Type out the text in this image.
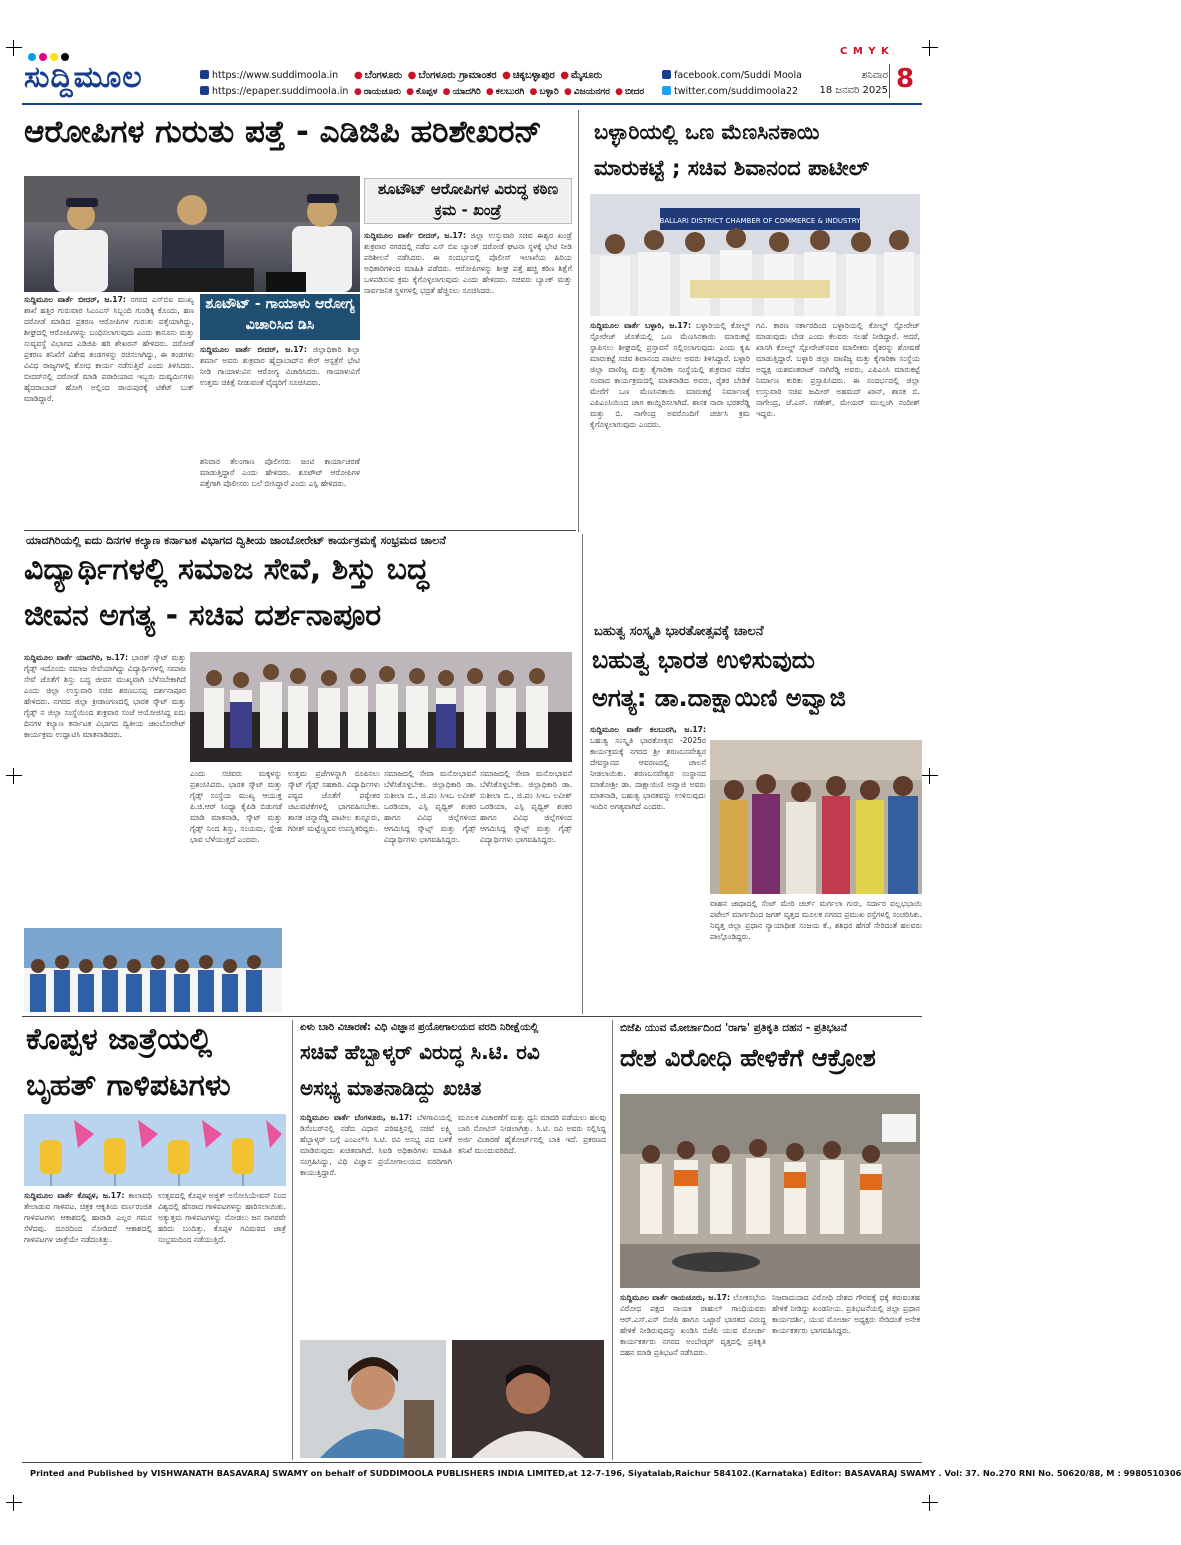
C M Y K
ಸುದ್ದಿಮೂಲ	https://www.suddimoola.in
https://epaper.suddimoola.in
● ಬೆಂಗಳೂರು ● ಬೆಂಗಳೂರು ಗ್ರಾಮಾಂತರ ● ಚಿಕ್ಕಬಳ್ಳಾಪುರ ● ಮೈಸೂರು
● ರಾಯಚೂರು ● ಕೊಪ್ಪಳ ● ಯಾದಗಿರಿ ● ಕಲಬುರಗಿ ● ಬಳ್ಳಾರಿ ● ವಿಜಯನಗರ ● ಬೀದರ
facebook.com/Suddi Moola
twitter.com/suddimoola22
ಶನಿವಾರ
18 ಜನವರಿ 2025 8
ಆರೋಪಿಗಳ ಗುರುತು ಪತ್ತೆ - ಎಡಿಜಿಪಿ ಹರಿಶೇಖರನ್
ಶೂಟೌಟ್ ಆರೋಪಿಗಳ ವಿರುದ್ಧ ಕಠಿಣ ಕ್ರಮ - ಖಂಡ್ರೆ
ಶೂಟೌಟ್ - ಗಾಯಾಳು ಆರೋಗ್ಯ ವಿಚಾರಿಸಿದ ಡಿಸಿ

ಸುದ್ದಿಮೂಲ ವಾರ್ತೆ ಬೀದರ್, ಜ.17: ನಗರದ ಎಸ್‌ಬಿಐ ಮುಖ್ಯ ಶಾಖೆ ಹತ್ತಿರ ಗುರುವಾರ ಸಿಎಂಎಸ್ ಸಿಬ್ಬಂದಿ ಗುಂಡಿಕ್ಕಿ ಕೊಂದು, ಹಣ ದರೋಡೆ ಮಾಡಿದ ಪ್ರಕರಣ ಆರೋಪಿಗಳ ಗುರುತು ಪತ್ತೆಯಾಗಿದ್ದು, ಶೀಘ್ರದಲ್ಲಿ ಆರೋಪಿಗಳನ್ನು ಬಂಧಿಸಲಾಗುವುದು ಎಂದು ಕಾನೂನು ಮತ್ತು ಸುವ್ಯವಸ್ಥೆ ವಿಭಾಗದ ಎಡಿಜಿಪಿ ಹರಿ ಶೇಖರನ್ ಹೇಳಿದರು. ದರೋಡೆ ಪ್ರಕರಣ ತನಿಖೆಗೆ ವಿಶೇಷ ತಂಡಗಳನ್ನು ರಚಿಸಲಾಗಿದ್ದು, ಈ ತಂಡಗಳು ವಿವಿಧ ರಾಜ್ಯಗಳಲ್ಲಿ ಶೋಧ ಕಾರ್ಯ ನಡೆಸುತ್ತಿವೆ ಎಂದು ತಿಳಿಸಿದರು. ಬೀದರ್‌ನಲ್ಲಿ ದರೋಡೆ ಮಾಡಿ ಪರಾರಿಯಾದ ಇಬ್ಬರು ದುಷ್ಕರ್ಮಿಗಳು ಹೈದರಾಬಾದ್ ಹೋಗಿ ಅಲ್ಲಿಂದ ರಾಯಪುರಕ್ಕೆ ಟಿಕೆಟ್ ಬುಕ್ ಮಾಡಿದ್ದಾರೆ.

ಸುದ್ದಿಮೂಲ ವಾರ್ತೆ ಬೀದರ್, ಜ.17: ಜಿಲ್ಲಾಧಿಕಾರಿ ಶಿಲ್ಪಾ ಶರ್ಮಾ ಅವರು ಶುಕ್ರವಾರ ಹೈದ್ರಾಬಾದ್‌ನ ಕೇರ್ ಆಸ್ಪತ್ರೆಗೆ ಭೇಟಿ ನೀಡಿ ಗಾಯಾಳುವಿನ ಆರೋಗ್ಯ ವಿಚಾರಿಸಿದರು. ಗಾಯಾಳುವಿಗೆ ಉತ್ತಮ ಚಿಕಿತ್ಸೆ ನೀಡುವಂತೆ ವೈದ್ಯರಿಗೆ ಸೂಚಿಸಿದರು.

ಶನಿವಾರ ತೆಲಂಗಾಣ ಪೊಲೀಸರು ಜಂಟಿ ಕಾರ್ಯಾಚರಣೆ ಮಾಡುತ್ತಿದ್ದಾರೆ ಎಂದು ಹೇಳಿದರು. ಶೂಟೌಟ್ ಆರೋಪಿಗಳ ಪತ್ತೆಗಾಗಿ ಪೊಲೀಸರು ಬಲೆ ಬೀಸಿದ್ದಾರೆ ಎಂದು ಎಸ್ಪಿ ಹೇಳಿದರು.

ಸುದ್ದಿಮೂಲ ವಾರ್ತೆ ಬೀದರ್, ಜ.17: ಜಿಲ್ಲಾ ಉಸ್ತುವಾರಿ ಸಚಿವ ಈಶ್ವರ ಖಂಡ್ರೆ ಶುಕ್ರವಾರ ನಗರದಲ್ಲಿ ನಡೆದ ಎಸ್ ಬಿಐ ಬ್ಯಾಂಕ್ ದರೋಡೆ ಘಟನಾ ಸ್ಥಳಕ್ಕೆ ಭೇಟಿ ನೀಡಿ ಪರಿಶೀಲನೆ ನಡೆಸಿದರು. ಈ ಸಂದರ್ಭದಲ್ಲಿ ಪೊಲೀಸ್ ಇಲಾಖೆಯ ಹಿರಿಯ ಅಧಿಕಾರಿಗಳಿಂದ ಮಾಹಿತಿ ಪಡೆದರು. ಆರೋಪಿಗಳನ್ನು ಶೀಘ್ರ ಪತ್ತೆ ಹಚ್ಚಿ ಕಠಿಣ ಶಿಕ್ಷೆಗೆ ಒಳಪಡಿಸುವ ಕ್ರಮ ಕೈಗೊಳ್ಳಲಾಗುವುದು ಎಂದು ಹೇಳಿದರು. ಸಚಿವರು ಬ್ಯಾಂಕ್ ಮತ್ತು ಸಾರ್ವಜನಿಕ ಸ್ಥಳಗಳಲ್ಲಿ ಭದ್ರತೆ ಹೆಚ್ಚಿಸಲು ಸೂಚಿಸಿದರು.

ಬಳ್ಳಾರಿಯಲ್ಲಿ ಒಣ ಮೆಣಸಿನಕಾಯಿ
ಮಾರುಕಟ್ಟೆ ; ಸಚಿವ ಶಿವಾನಂದ ಪಾಟೀಲ್
BALLARI DISTRICT CHAMBER OF COMMERCE & INDUSTRY

ಸುದ್ದಿಮೂಲ ವಾರ್ತೆ ಬಳ್ಳಾರಿ, ಜ.17: ಬಳ್ಳಾರಿಯಲ್ಲಿ ಕೋಲ್ಡ್ ಸ್ಟೋರೇಜ್ ಜೊತೆಯಲ್ಲಿ ಒಣ ಮೆಣಸಿನಕಾಯಿ ಮಾರುಕಟ್ಟೆ ಸ್ಥಾಪಿಸಲು ಶೀಘ್ರದಲ್ಲಿ ಪ್ರಸ್ತಾವನೆ ಸಲ್ಲಿಸಲಾಗುವುದು ಎಂದು ಕೃಷಿ ಮಾರುಕಟ್ಟೆ ಸಚಿವ ಶಿವಾನಂದ ಪಾಟೀಲ ಅವರು ತಿಳಿಸಿದ್ದಾರೆ. ಬಳ್ಳಾರಿ ಜಿಲ್ಲಾ ವಾಣಿಜ್ಯ ಮತ್ತು ಕೈಗಾರಿಕಾ ಸಂಸ್ಥೆಯಲ್ಲಿ ಶುಕ್ರವಾರ ನಡೆದ ಸಂವಾದ ಕಾರ್ಯಕ್ರಮದಲ್ಲಿ ಮಾತನಾಡಿದ ಅವರು, ರೈತರ ಬೇಡಿಕೆ ಮೇರೆಗೆ ಒಣ ಮೆಣಸಿನಕಾಯಿ ಮಾರುಕಟ್ಟೆ ನಿರ್ಮಾಣಕ್ಕೆ ಎಪಿಎಂಸಿಯಿಂದ ಜಾಗ ಕಾಯ್ದಿರಿಸಲಾಗಿದೆ. ಶಾಸಕ ನಾರಾ ಭರತರೆಡ್ಡಿ ಮತ್ತು ಬಿ. ನಾಗೇಂದ್ರ ಅವರೊಂದಿಗೆ ಚರ್ಚಿಸಿ ಕ್ರಮ ಕೈಗೊಳ್ಳಲಾಗುವುದು ಎಂದರು.

ಗವಿ. ಕಾರಣ ಸರ್ಕಾರದಿಂದ ಬಳ್ಳಾರಿಯಲ್ಲಿ ಕೋಲ್ಡ್ ಸ್ಟೋರೇಜ್ ಮಾಡುವುದು ಬೇಡ ಎಂದು ಕೆಲವರು ಸಲಹೆ ನೀಡಿದ್ದಾರೆ. ಆದರೆ, ಖಾಸಗಿ ಕೋಲ್ಡ್ ಸ್ಟೋರೇಜ್‌ನವರ ಮಾಲೀಕರು ರೈತರನ್ನು ಶೋಷಣೆ ಮಾಡುತ್ತಿದ್ದಾರೆ. ಬಳ್ಳಾರಿ ಜಿಲ್ಲಾ ವಾಣಿಜ್ಯ ಮತ್ತು ಕೈಗಾರಿಕಾ ಸಂಸ್ಥೆಯ ಅಧ್ಯಕ್ಷ ಯಶವಂತರಾಜ್ ನಾಗಿರೆಡ್ಡಿ ಅವರು, ಎಪಿಎಂಸಿ ಮಾರುಕಟ್ಟೆ ನಿರ್ಮಾಣ ಕುರಿತು ಪ್ರಸ್ತಾಪಿಸಿದರು. ಈ ಸಂದರ್ಭದಲ್ಲಿ ಜಿಲ್ಲಾ ಉಸ್ತುವಾರಿ ಸಚಿವ ಜಮೀರ್ ಅಹಮದ್ ಖಾನ್, ಶಾಸಕ ಬಿ. ನಾಗೇಂದ್ರ, ಜೆ.ಎನ್. ಗಣೇಶ್, ಮೇಯರ್ ಮುಲ್ಲಂಗಿ ನಂದೀಶ್ ಇದ್ದರು.

ಯಾದಗಿರಿಯಲ್ಲಿ ಐದು ದಿನಗಳ ಕಲ್ಯಾಣ ಕರ್ನಾಟಕ ವಿಭಾಗದ ದ್ವಿತೀಯ ಜಾಂಬೋರೇಟ್ ಕಾರ್ಯಕ್ರಮಕ್ಕೆ ಸಂಭ್ರಮದ ಚಾಲನೆ
ವಿದ್ಯಾರ್ಥಿಗಳಲ್ಲಿ ಸಮಾಜ ಸೇವೆ, ಶಿಸ್ತು ಬದ್ಧ
ಜೀವನ ಅಗತ್ಯ - ಸಚಿವ ದರ್ಶನಾಪೂರ

ಸುದ್ದಿಮೂಲ ವಾರ್ತೆ ಯಾದಗಿರಿ, ಜ.17: ಭಾರತ್ ಸ್ಕೌಟ್ ಮತ್ತು ಗೈಡ್ಸ್ ಇದೊಂದು ಸಮಾಜ ಸೇವೆಯಾಗಿದ್ದು ವಿದ್ಯಾರ್ಥಿಗಳಲ್ಲಿ ಸಮಾಜ ಸೇವೆ ಜೊತೆಗೆ ಶಿಸ್ತು ಬದ್ಧ ಜೀವನ ಮುಖ್ಯವಾಗಿ ಬೆಳೆಸಬೇಕಾಗಿದೆ ಎಂದು ಜಿಲ್ಲಾ ಉಸ್ತುವಾರಿ ಸಚಿವ ಶರಣಬಸಪ್ಪ ದರ್ಶನಾಪೂರ ಹೇಳಿದರು. ನಗರದ ಜಿಲ್ಲಾ ಕ್ರೀಡಾಂಗಣದಲ್ಲಿ ಭಾರತ ಸ್ಕೌಟ್ ಮತ್ತು ಗೈಡ್ಸ್ ನ ಜಿಲ್ಲಾ ಸಂಸ್ಥೆಯಿಂದ ಶುಕ್ರವಾರ ಸಂಜೆ ಆಯೋಜಿಸಿದ್ದ ಐದು ದಿನಗಳ ಕಲ್ಯಾಣ ಕರ್ನಾಟಕ ವಿಭಾಗದ ದ್ವಿತೀಯ ಜಾಂಬೋರೇಟ್ ಕಾರ್ಯಕ್ರಮ ಉದ್ಘಾಟಿಸಿ ಮಾತನಾಡಿದರು.

ಎಂದು ಸಚಿವರು ಮಕ್ಕಳನ್ನು ಪ್ರಶಂಸಿಸಿದರು. ಭಾರತ ಸ್ಕೌಟ್ ಮತ್ತು ಗೈಡ್ಸ್ ಸಂಸ್ಥೆಯ ಮುಖ್ಯ ಆಯುಕ್ತ ಪಿ.ಜಿ.ಆರ್ ಸಿಂಧ್ಯಾ ಕೈಪಿಡಿ ಬಿಡುಗಡೆ ಮಾಡಿ ಮಾತನಾಡಿ, ಸ್ಕೌಟ್ ಮತ್ತು ಗೈಡ್ಸ್ ನಿಂದ ಶಿಸ್ತು, ಸಂಯಮ, ಸ್ನೇಹ ಭಾವ ಬೆಳೆಯುತ್ತದೆ ಎಂದರು.

ಉತ್ತಮ ಪ್ರಜೆಗಳನ್ನಾಗಿ ರೂಪಿಸಲು ಸ್ಕೌಟ್ ಗೈಡ್ಸ್ ಸಹಕಾರಿ. ವಿದ್ಯಾರ್ಥಿಗಳು ಪಠ್ಯದ ಜೊತೆಗೆ ಪಠ್ಯೇತರ ಚಟುವಟಿಕೆಗಳಲ್ಲಿ ಭಾಗವಹಿಸಬೇಕು. ಶಾಸಕ ಚನ್ನಾರೆಡ್ಡಿ ಪಾಟೀಲ ತುನ್ನೂರು, ಗಿರೀಶ್ ಮಟ್ಟೆಣ್ಣವರ ಉಪಸ್ಥಿತರಿದ್ದರು.

ಸಮಾಜದಲ್ಲಿ ಸೇವಾ ಮನೋಭಾವನೆ ಬೆಳೆಸಿಕೊಳ್ಳಬೇಕು. ಜಿಲ್ಲಾಧಿಕಾರಿ ಡಾ. ಸುಶೀಲಾ ಬಿ., ಜಿ.ಪಂ ಸಿಇಒ ಲವೀಶ್ ಒರಡಿಯಾ, ಎಸ್ಪಿ ಪೃಥ್ವಿಕ್ ಶಂಕರ ಹಾಗೂ ವಿವಿಧ ಜಿಲ್ಲೆಗಳಿಂದ ಆಗಮಿಸಿದ್ದ ಸ್ಕೌಟ್ಸ್ ಮತ್ತು ಗೈಡ್ಸ್ ವಿದ್ಯಾರ್ಥಿಗಳು ಭಾಗವಹಿಸಿದ್ದರು.

ಸಮಾಜದಲ್ಲಿ ಸೇವಾ ಮನೋಭಾವನೆ ಬೆಳೆಸಿಕೊಳ್ಳಬೇಕು. ಜಿಲ್ಲಾಧಿಕಾರಿ ಡಾ. ಸುಶೀಲಾ ಬಿ., ಜಿ.ಪಂ ಸಿಇಒ ಲವೀಶ್ ಒರಡಿಯಾ, ಎಸ್ಪಿ ಪೃಥ್ವಿಕ್ ಶಂಕರ ಹಾಗೂ ವಿವಿಧ ಜಿಲ್ಲೆಗಳಿಂದ ಆಗಮಿಸಿದ್ದ ಸ್ಕೌಟ್ಸ್ ಮತ್ತು ಗೈಡ್ಸ್ ವಿದ್ಯಾರ್ಥಿಗಳು ಭಾಗವಹಿಸಿದ್ದರು.

ಬಹುತ್ವ ಸಂಸ್ಕೃತಿ ಭಾರತೋತ್ಸವಕ್ಕೆ ಚಾಲನೆ
ಬಹುತ್ವ ಭಾರತ ಉಳಿಸುವುದು
ಅಗತ್ಯ: ಡಾ.ದಾಕ್ಷಾಯಿಣಿ ಅವ್ವಾಜಿ

ಸುದ್ದಿಮೂಲ ವಾರ್ತೆ ಕಲಬುರಗಿ, ಜ.17: ಬಹುತ್ವ ಸಂಸ್ಕೃತಿ ಭಾರತೋತ್ಸವ -2025ರ ಕಾರ್ಯಕ್ರಮಕ್ಕೆ ನಗರದ ಶ್ರೀ ಶರಣಬಸವೇಶ್ವರ ದೇವಸ್ಥಾನದ ಆವರಣದಲ್ಲಿ ಚಾಲನೆ ನೀಡಲಾಯಿತು. ಶರಣಬಸವೇಶ್ವರ ಸಂಸ್ಥಾನದ ಮಾತೋಶ್ರೀ ಡಾ. ದಾಕ್ಷಾಯಿಣಿ ಅವ್ವಾಜಿ ಅವರು ಮಾತನಾಡಿ, ಬಹುತ್ವ ಭಾರತವನ್ನು ಉಳಿಸುವುದು ಇಂದಿನ ಅಗತ್ಯವಾಗಿದೆ ಎಂದರು.

ವಾಹನ ಜಾಥಾದಲ್ಲಿ ಸೆಂಟ್ ಮೇರಿ ಚರ್ಚ್ ಮರ್ಗಲಾ ಗುರು, ಸರ್ದಾರ ವಲ್ಲಭಭಾಯಿ ಪಟೇಲ್ ಮಾರ್ಗದಿಂದ ಜಗತ್ ವೃತ್ತದ ಮೂಲಕ ನಗರದ ಪ್ರಮುಖ ರಸ್ತೆಗಳಲ್ಲಿ ಸಂಚರಿಸಿತು. ನಿವೃತ್ತ ಜಿಲ್ಲಾ ಪ್ರಧಾನ ನ್ಯಾಯಾಧೀಶ ಸಂಜಯ ಕೆ., ಶಶಿಧರ ಹೆಗಡೆ ಸೇರಿದಂತೆ ಹಲವರು ಪಾಲ್ಗೊಂಡಿದ್ದರು.

ಕೊಪ್ಪಳ ಜಾತ್ರೆಯಲ್ಲಿ
ಬೃಹತ್ ಗಾಳಿಪಟಗಳು

ಸುದ್ದಿಮೂಲ ವಾರ್ತೆ ಕೊಪ್ಪಳ, ಜ.17: ಕಾಲಾವಧಿ ತೇಲಾಡುವ ಗಾಳಿಪಟ. ಚಿತ್ರಕ ಆಕೃತಿಯ ವರ್ಣರಂಜಿತ ಗಾಳಿಪಟಗಳು ಆಕಾಶದಲ್ಲಿ ಹಾರಾಡಿ ಎಲ್ಲರ ಗಮನ ಸೆಳೆದವು. ದೂರದಿಂದ ನೋಡಿದರೆ ಆಕಾಶದಲ್ಲಿ ಗಾಳಿಪಟಗಳ ಜಾತ್ರೆಯೇ ನಡೆದಂತಿತ್ತು.

ಉತ್ಸವದಲ್ಲಿ ಕೊಪ್ಪಳ ಅಜ್ಜಿಕ್ ಅಸೋಸಿಯೇಷನ್ ನಿಂದ ವಿಶ್ವದಲ್ಲಿ ಹೆಸರಾದ ಗಾಳಿಪಟಗಳನ್ನು ಹಾರಿಸಲಾಯಿತು. ಅತ್ಯುತ್ತಮ ಗಾಳಿಪಟಗಳನ್ನು ನೋಡಲು ಜನ ಸಾಗರವೇ ಹರಿದು ಬಂದಿತ್ತು. ಕೊಪ್ಪಳ ಗವಿಮಠದ ಜಾತ್ರೆ ಸಂಭ್ರಮದಿಂದ ನಡೆಯುತ್ತಿದೆ.

ಏಳು ಬಾರಿ ವಿಚಾರಣೆ: ವಿಧಿ ವಿಜ್ಞಾನ ಪ್ರಯೋಗಾಲಯದ ವರದಿ ನಿರೀಕ್ಷೆಯಲ್ಲಿ
ಸಚಿವೆ ಹೆಬ್ಬಾಳ್ಕರ್ ವಿರುದ್ಧ ಸಿ.ಟಿ. ರವಿ
ಅಸಭ್ಯ ಮಾತನಾಡಿದ್ದು ಖಚಿತ

ಸುದ್ದಿಮೂಲ ವಾರ್ತೆ ಬೆಂಗಳೂರು, ಜ.17: ಬೆಳಗಾವಿಯಲ್ಲಿ ಡಿಸೆಂಬರ್‌ನಲ್ಲಿ ನಡೆದ ವಿಧಾನ ಪರಿಷತ್ತಿನಲ್ಲಿ ಸಚಿವೆ ಲಕ್ಷ್ಮಿ ಹೆಬ್ಬಾಳ್ಕರ್ ಬಗ್ಗೆ ಎಂಎಲ್‌ಸಿ ಸಿ.ಟಿ. ರವಿ ಅಸಭ್ಯ ಪದ ಬಳಕೆ ಮಾಡಿರುವುದು ಖಚಿತವಾಗಿದೆ. ಸಿಐಡಿ ಅಧಿಕಾರಿಗಳು ಮಾಹಿತಿ ಸಂಗ್ರಹಿಸಿದ್ದು, ವಿಧಿ ವಿಜ್ಞಾನ ಪ್ರಯೋಗಾಲಯದ ವರದಿಗಾಗಿ ಕಾಯುತ್ತಿದ್ದಾರೆ.

ಮೂಲಕ ವಿಚಾರಣೆಗೆ ಮತ್ತು ಧ್ವನಿ ಮಾದರಿ ಪಡೆಯಲು ಹಲವು ಬಾರಿ ನೋಟಿಸ್ ನೀಡಲಾಗಿತ್ತು. ಸಿ.ಟಿ. ರವಿ ಅವರು ಸಲ್ಲಿಸಿದ್ದ ಅರ್ಜಿ ವಿಚಾರಣೆ ಹೈಕೋರ್ಟ್‌ನಲ್ಲಿ ಬಾಕಿ ಇದೆ. ಪ್ರಕರಣದ ತನಿಖೆ ಮುಂದುವರಿದಿದೆ.

ಬಿಜೆಪಿ ಯುವ ಮೋರ್ಚಾದಿಂದ 'ರಾಗಾ' ಪ್ರತಿಕೃತಿ ದಹನ - ಪ್ರತಿಭಟನೆ
ದೇಶ ವಿರೋಧಿ ಹೇಳಿಕೆಗೆ ಆಕ್ರೋಶ

ಸುದ್ದಿಮೂಲ ವಾರ್ತೆ ರಾಯಚೂರು, ಜ.17: ಲೋಕಸಭೆಯ ವಿರೋಧ ಪಕ್ಷದ ನಾಯಕ ರಾಹುಲ್ ಗಾಂಧಿಯವರು ಆರ್.ಎಸ್.ಎಸ್ ಬಿಜೆಪಿ ಹಾಗೂ ಒಟ್ಟಾರೆ ಭಾರತದ ವಿರುದ್ಧ ಹೇಳಿಕೆ ನೀಡಿರುವುದನ್ನು ಖಂಡಿಸಿ ಬಿಜೆಪಿ ಯುವ ಮೋರ್ಚಾ ಕಾರ್ಯಕರ್ತರು ನಗರದ ಅಂಬೇಡ್ಕರ್ ವೃತ್ತದಲ್ಲಿ ಪ್ರತಿಕೃತಿ ದಹನ ಮಾಡಿ ಪ್ರತಿಭಟನೆ ನಡೆಸಿದರು.

ನಿಜವಾದುದಾದ ವಿರೋಧಿ ದೇಶದ ಗೌರವಕ್ಕೆ ಧಕ್ಕೆ ತರುವಂತಹ ಹೇಳಿಕೆ ನೀಡಿದ್ದು ಖಂಡನೀಯ. ಪ್ರತಿಭಟನೆಯಲ್ಲಿ ಜಿಲ್ಲಾ ಪ್ರಧಾನ ಕಾರ್ಯದರ್ಶಿ, ಯುವ ಮೋರ್ಚಾ ಅಧ್ಯಕ್ಷರು ಸೇರಿದಂತೆ ಅನೇಕ ಕಾರ್ಯಕರ್ತರು ಭಾಗವಹಿಸಿದ್ದರು.

Printed and Published by VISHWANATH BASAVARAJ SWAMY on behalf of SUDDIMOOLA PUBLISHERS INDIA LIMITED,at 12-7-196, Siyatalab,Raichur 584102.(Karnataka) Editor: BASAVARAJ SWAMY . Vol: 37. No.270 RNI No. 50620/88, M : 9980510306
